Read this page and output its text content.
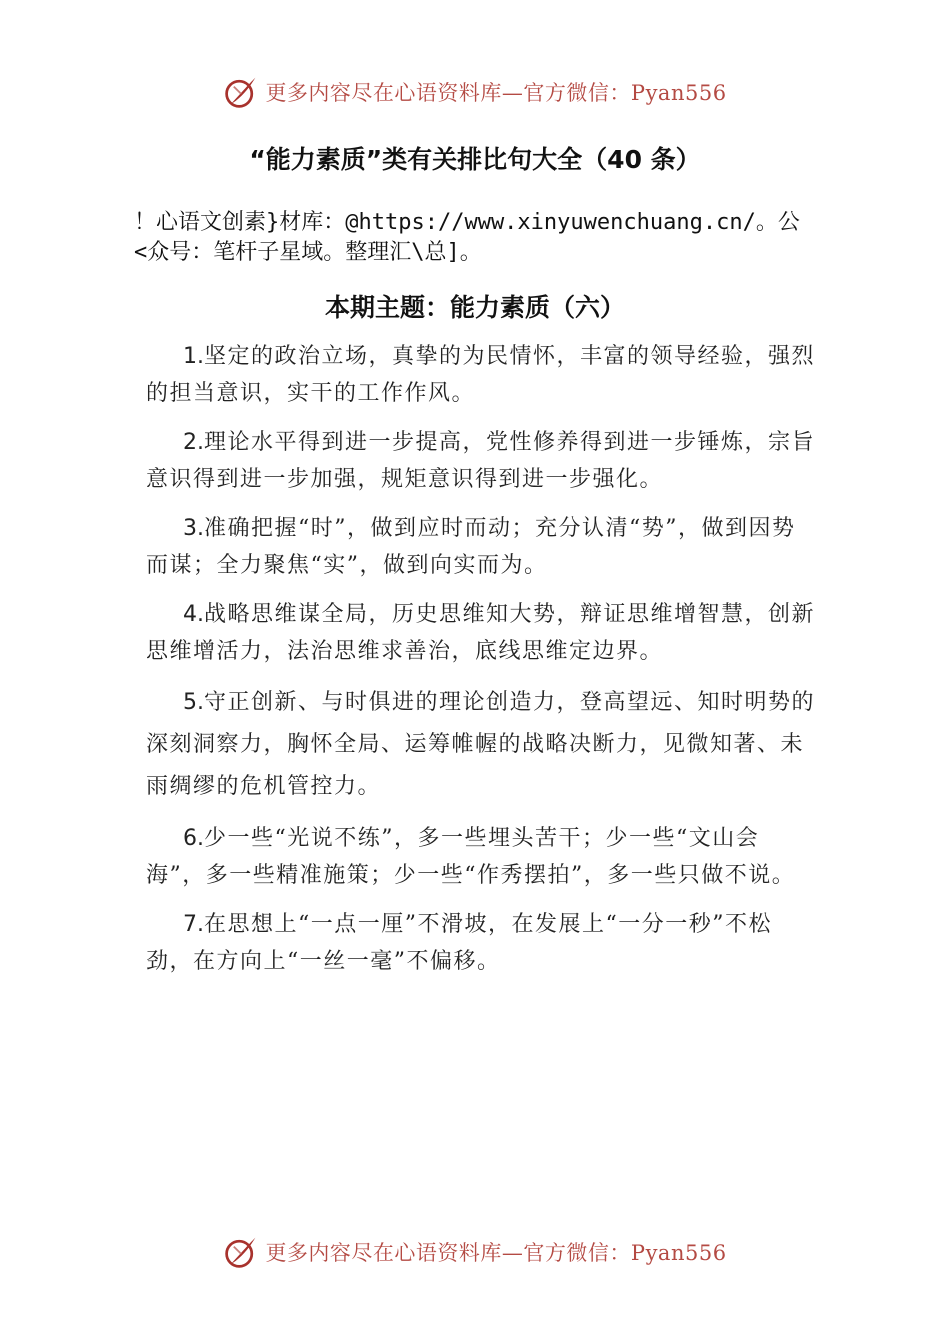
更多内容尽在心语资料库—官方微信：Pyan556
“能力素质”类有关排比句大全（40 条）
！心语文创素}材库：@https://www.xinyuwenchuang.cn/。公
<众号：笔杆子星域。整理汇\总]。
本期主题：能力素质（六）

1.坚定的政治立场，真挚的为民情怀，丰富的领导经验，强烈的担当意识，实干的工作作风。

2.理论水平得到进一步提高，党性修养得到进一步锤炼，宗旨意识得到进一步加强，规矩意识得到进一步强化。

3.准确把握“时”，做到应时而动；充分认清“势”，做到因势而谋；全力聚焦“实”，做到向实而为。

4.战略思维谋全局，历史思维知大势，辩证思维增智慧，创新思维增活力，法治思维求善治，底线思维定边界。

5.守正创新、与时俱进的理论创造力，登高望远、知时明势的深刻洞察力，胸怀全局、运筹帷幄的战略决断力，见微知著、未雨绸缪的危机管控力。

6.少一些“光说不练”，多一些埋头苦干；少一些“文山会海”，多一些精准施策；少一些“作秀摆拍”，多一些只做不说。

7.在思想上“一点一厘”不滑坡，在发展上“一分一秒”不松劲，在方向上“一丝一毫”不偏移。

更多内容尽在心语资料库—官方微信：Pyan556
